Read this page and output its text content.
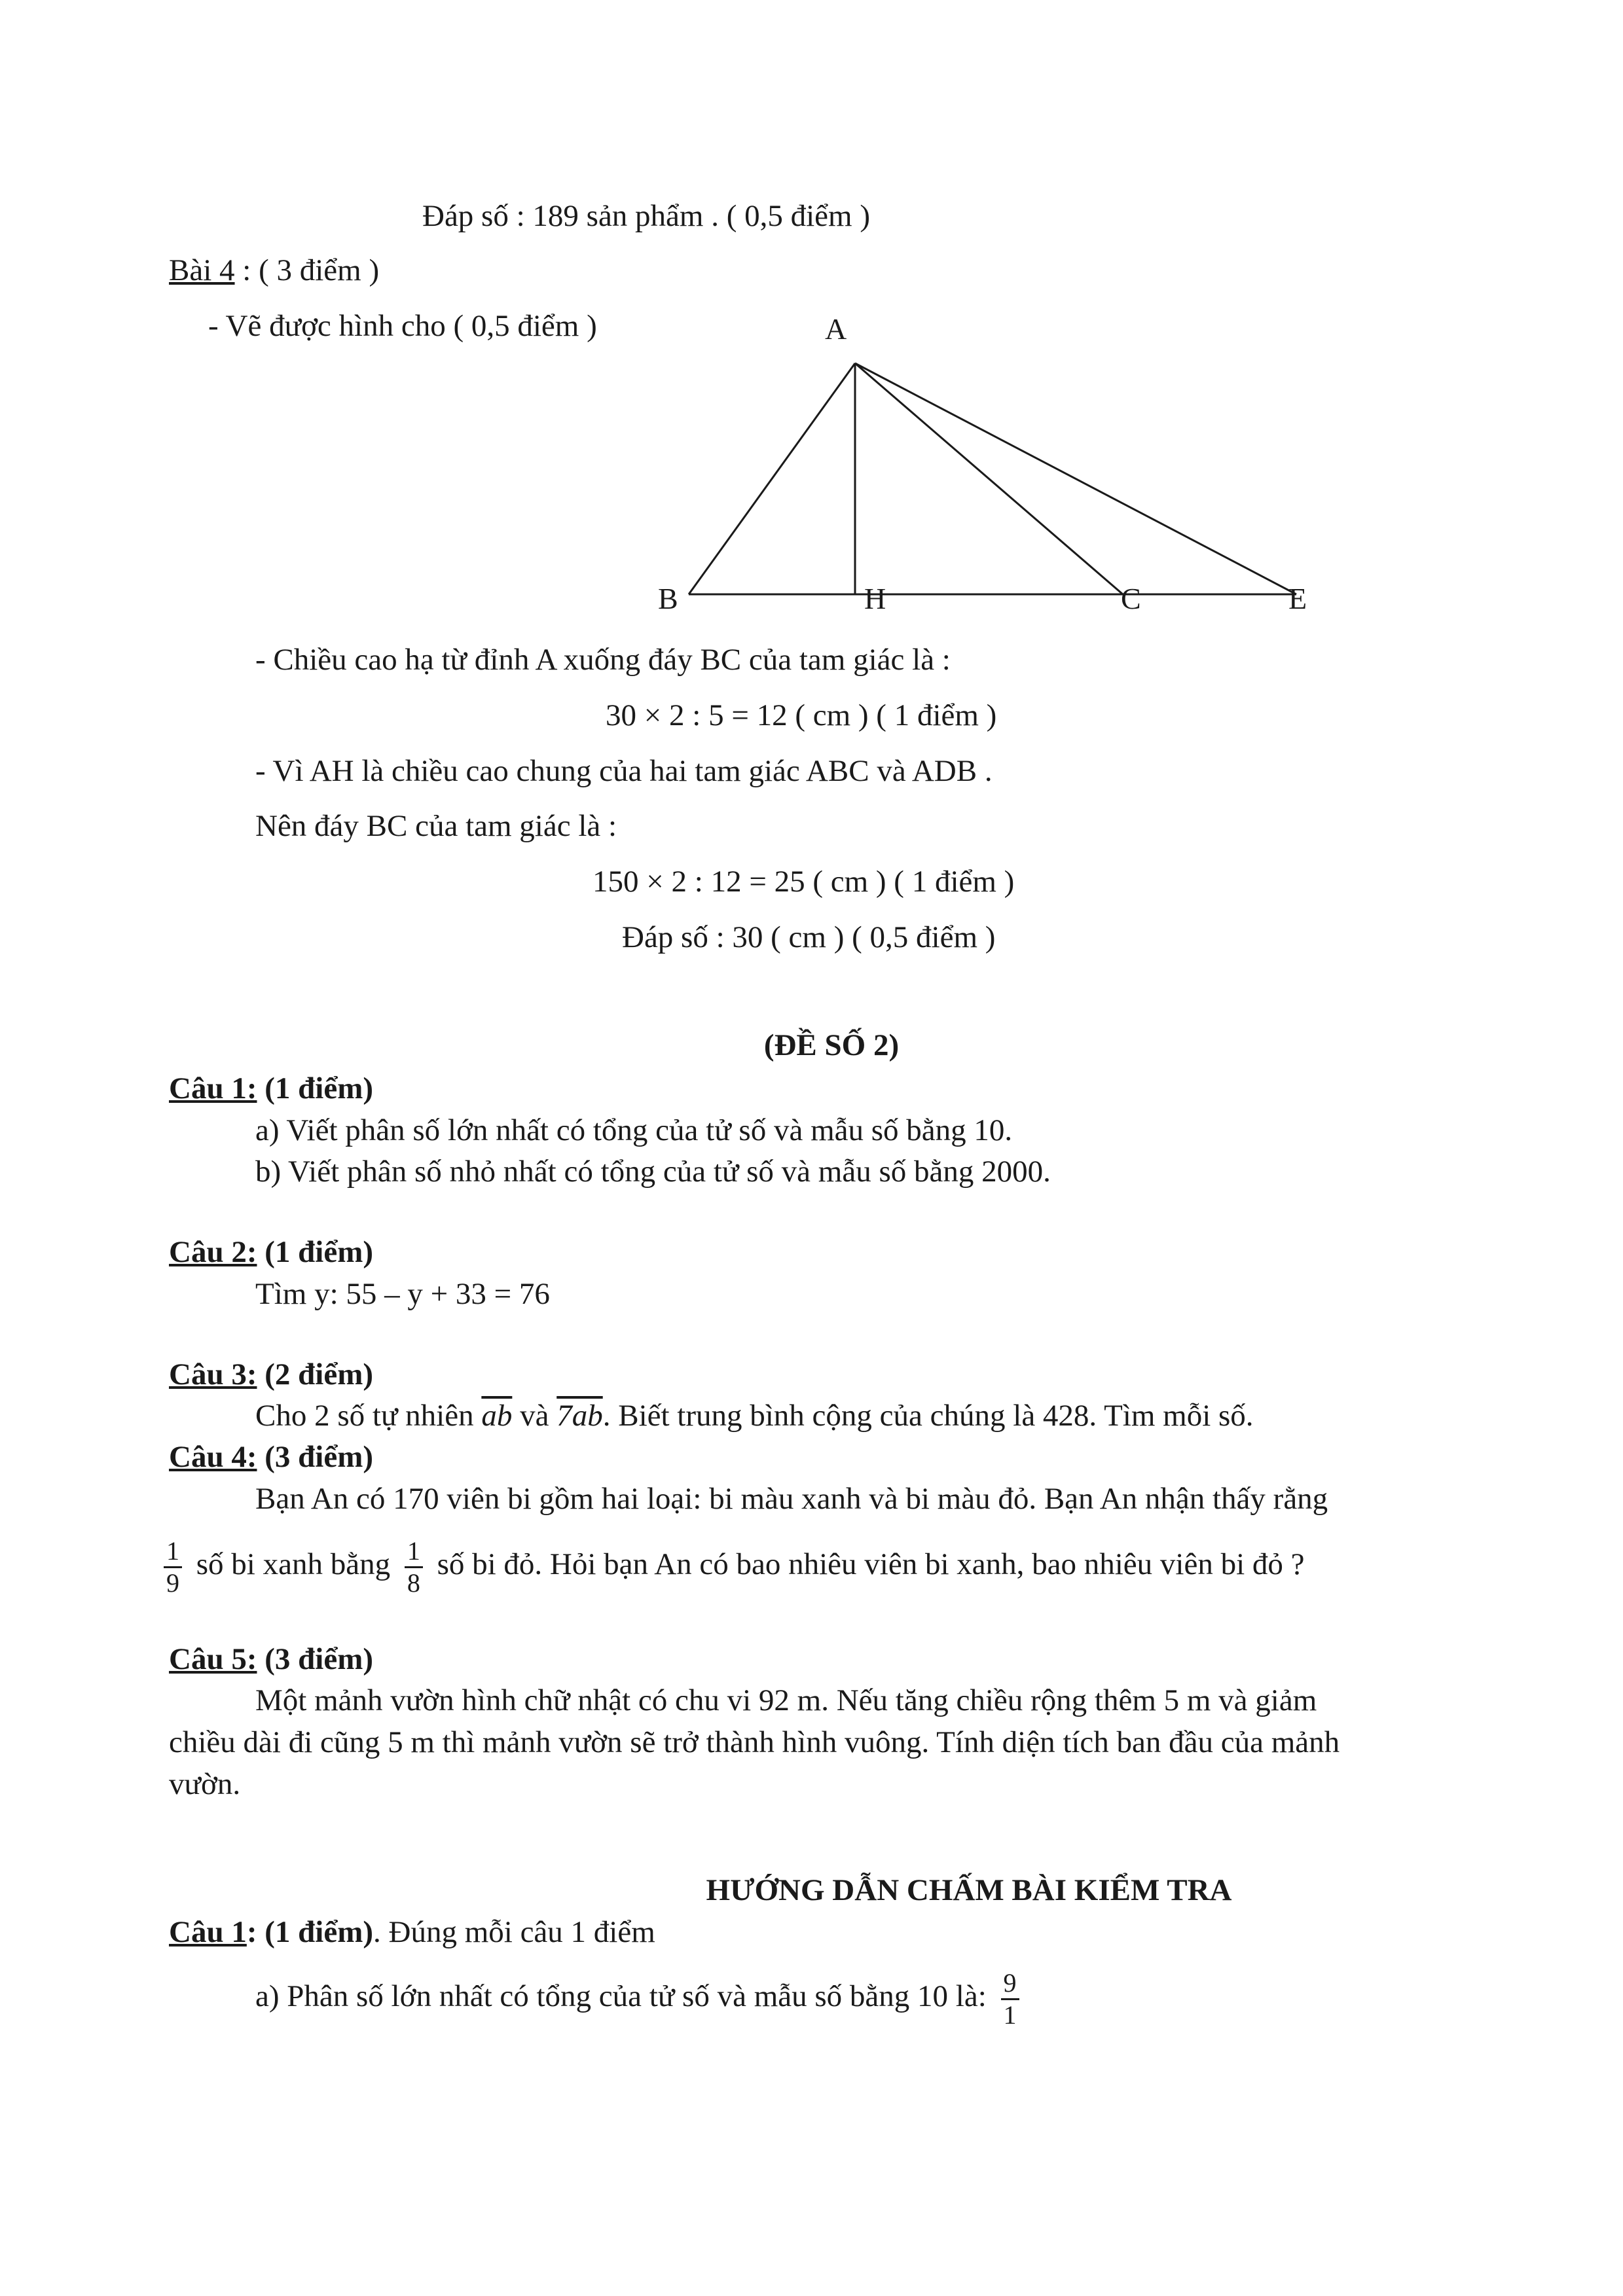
Đáp số : 189 sản phẩm . ( 0,5 điểm )
Bài 4 : ( 3 điểm )
- Vẽ được hình cho ( 0,5 điểm )	A
B	H	C	E
- Chiều cao hạ từ đỉnh A xuống đáy BC của tam giác là :
30 × 2 : 5 = 12 ( cm ) ( 1 điểm )
- Vì AH là chiều cao chung của hai tam giác ABC và ADB .
Nên đáy BC của tam giác là :
150 × 2 : 12 = 25 ( cm ) ( 1 điểm )
Đáp số : 30 ( cm ) ( 0,5 điểm )
(ĐỀ SỐ 2)
Câu 1: (1 điểm)
a) Viết phân số lớn nhất có tổng của tử số và mẫu số bằng 10.
b) Viết phân số nhỏ nhất có tổng của tử số và mẫu số bằng 2000.
Câu 2: (1 điểm)
Tìm y: 55 – y + 33 = 76
Câu 3: (2 điểm)
Cho 2 số tự nhiên $\overline{ab}$ và 7ab. Biết trung bình cộng của chúng là 428. Tìm mỗi số.
Câu 4: (3 điểm)
Bạn An có 170 viên bi gồm hai loại: bi màu xanh và bi màu đỏ. Bạn An nhận thấy rằng
$\frac{1}{9}$ số bi xanh bằng $\frac{1}{8}$ số bi đỏ. Hỏi bạn An có bao nhiêu viên bi xanh, bao nhiêu viên bi đỏ ?
Câu 5: (3 điểm)
Một mảnh vườn hình chữ nhật có chu vi 92 m. Nếu tăng chiều rộng thêm 5 m và giảm
chiều dài đi cũng 5 m thì mảnh vườn sẽ trở thành hình vuông. Tính diện tích ban đầu của mảnh
vườn.
HƯỚNG DẪN CHẤM BÀI KIỂM TRA
Câu 1: (1 điểm). Đúng mỗi câu 1 điểm
a) Phân số lớn nhất có tổng của tử số và mẫu số bằng 10 là: $\frac{9}{1}$
